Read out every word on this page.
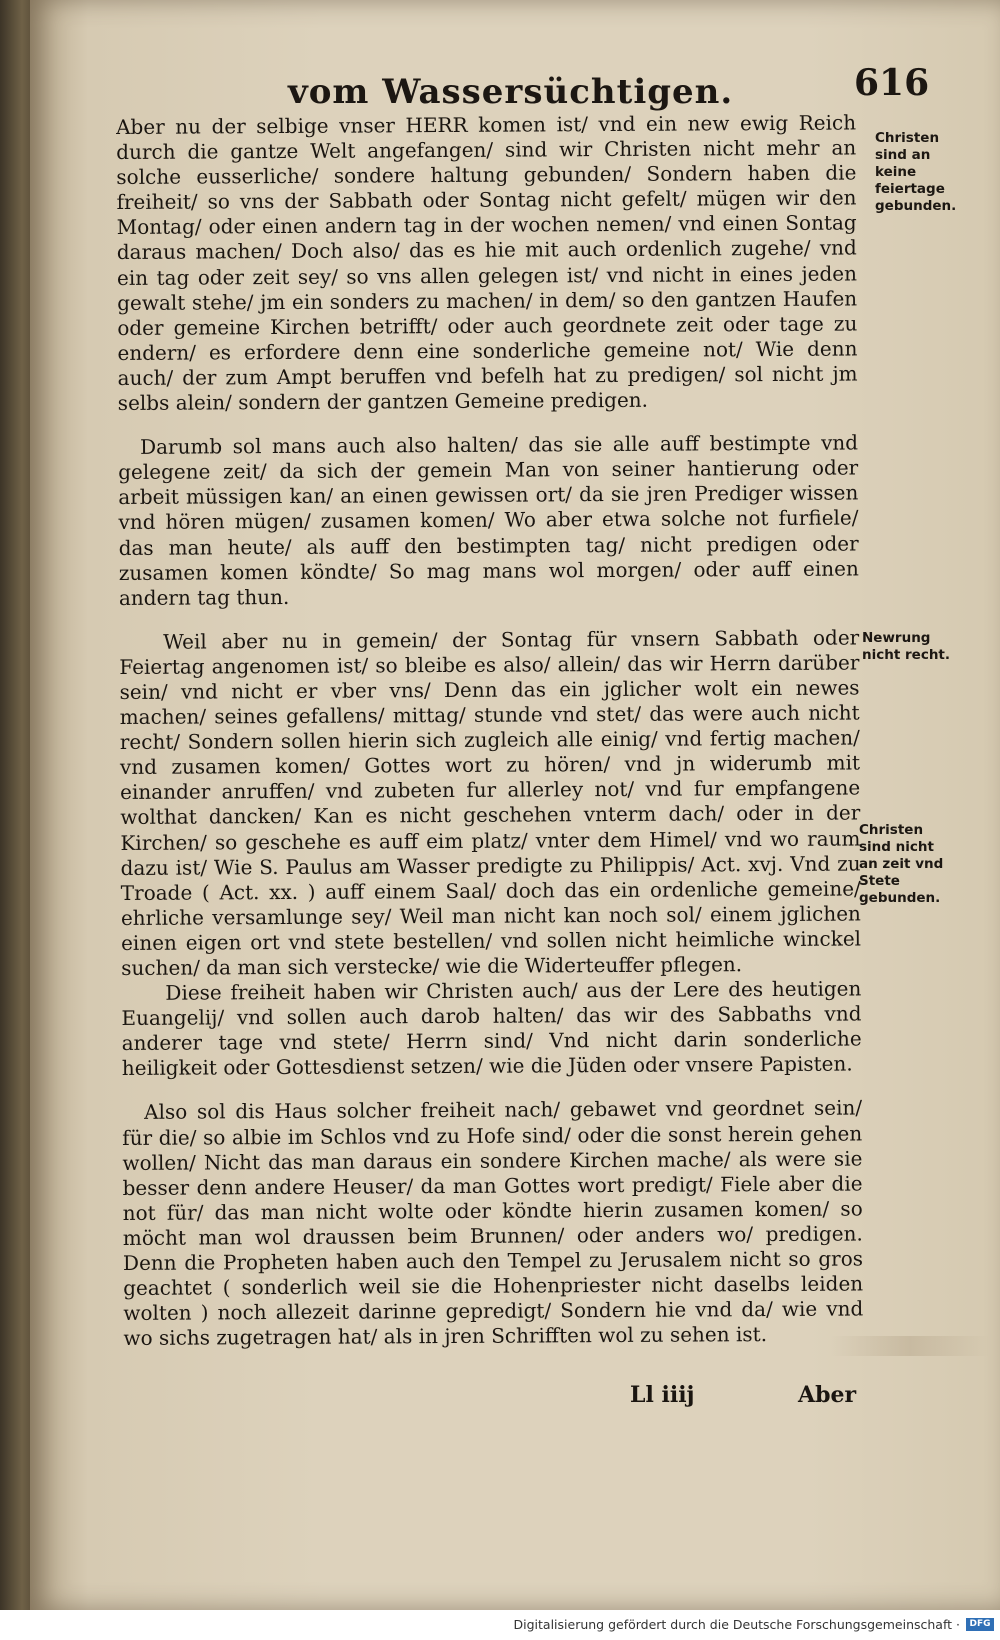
vom Wassersüchtigen.	616

Aber nu der selbige vnser HERR komen ist/ vnd ein new ewig Reich durch die gantze Welt angefangen/ sind wir Christen nicht mehr an solche eusserliche/ sondere haltung gebunden/ Sondern haben die freiheit/ so vns der Sabbath oder Sontag nicht gefelt/ mügen wir den Montag/ oder einen andern tag in der wochen nemen/ vnd einen Sontag daraus machen/ Doch also/ das es hie mit auch ordenlich zugehe/ vnd ein tag oder zeit sey/ so vns allen gelegen ist/ vnd nicht in eines jeden gewalt stehe/ jm ein sonders zu machen/ in dem/ so den gantzen Haufen oder gemeine Kirchen betrifft/ oder auch geordnete zeit oder tage zu endern/ es erfordere denn eine sonderliche gemeine not/ Wie denn auch/ der zum Ampt beruffen vnd befelh hat zu predigen/ sol nicht jm selbs alein/ sondern der gantzen Gemeine predigen.

Darumb sol mans auch also halten/ das sie alle auff bestimpte vnd gelegene zeit/ da sich der gemein Man von seiner hantierung oder arbeit müssigen kan/ an einen gewissen ort/ da sie jren Prediger wissen vnd hören mügen/ zusamen komen/ Wo aber etwa solche not furfiele/ das man heute/ als auff den bestimpten tag/ nicht predigen oder zusamen komen köndte/ So mag mans wol morgen/ oder auff einen andern tag thun.

Weil aber nu in gemein/ der Sontag für vnsern Sabbath oder Feiertag angenomen ist/ so bleibe es also/ allein/ das wir Herrn darüber sein/ vnd nicht er vber vns/ Denn das ein jglicher wolt ein newes machen/ seines gefallens/ mittag/ stunde vnd stet/ das were auch nicht recht/ Sondern sollen hierin sich zugleich alle einig/ vnd fertig machen/ vnd zusamen komen/ Gottes wort zu hören/ vnd jn widerumb mit einander anruffen/ vnd zubeten fur allerley not/ vnd fur empfangene wolthat dancken/ Kan es nicht geschehen vnterm dach/ oder in der Kirchen/ so geschehe es auff eim platz/ vnter dem Himel/ vnd wo raum dazu ist/ Wie S. Paulus am Wasser predigte zu Philippis/ Act. xvj. Vnd zu Troade ( Act. xx. ) auff einem Saal/ doch das ein ordenliche gemeine/ ehrliche versamlunge sey/ Weil man nicht kan noch sol/ einem jglichen einen eigen ort vnd stete bestellen/ vnd sollen nicht heimliche winckel suchen/ da man sich verstecke/ wie die Widerteuffer pflegen.

Diese freiheit haben wir Christen auch/ aus der Lere des heutigen Euangelij/ vnd sollen auch darob halten/ das wir des Sabbaths vnd anderer tage vnd stete/ Herrn sind/ Vnd nicht darin sonderliche heiligkeit oder Gottesdienst setzen/ wie die Jüden oder vnsere Papisten.

Also sol dis Haus solcher freiheit nach/ gebawet vnd geordnet sein/ für die/ so albie im Schlos vnd zu Hofe sind/ oder die sonst herein gehen wollen/ Nicht das man daraus ein sondere Kirchen mache/ als were sie besser denn andere Heuser/ da man Gottes wort predigt/ Fiele aber die not für/ das man nicht wolte oder köndte hierin zusamen komen/ so möcht man wol draussen beim Brunnen/ oder anders wo/ predigen. Denn die Propheten haben auch den Tempel zu Jerusalem nicht so gros geachtet ( sonderlich weil sie die Hohenpriester nicht daselbs leiden wolten ) noch allezeit darinne gepredigt/ Sondern hie vnd da/ wie vnd wo sichs zugetragen hat/ als in jren Schrifften wol zu sehen ist.

Christen sind an keine feiertage gebunden.
Newrung nicht recht.
Christen sind nicht an zeit vnd Stete gebunden.
Ll iiij	Aber
Digitalisierung gefördert durch die Deutsche Forschungsgemeinschaft ·	DFG
